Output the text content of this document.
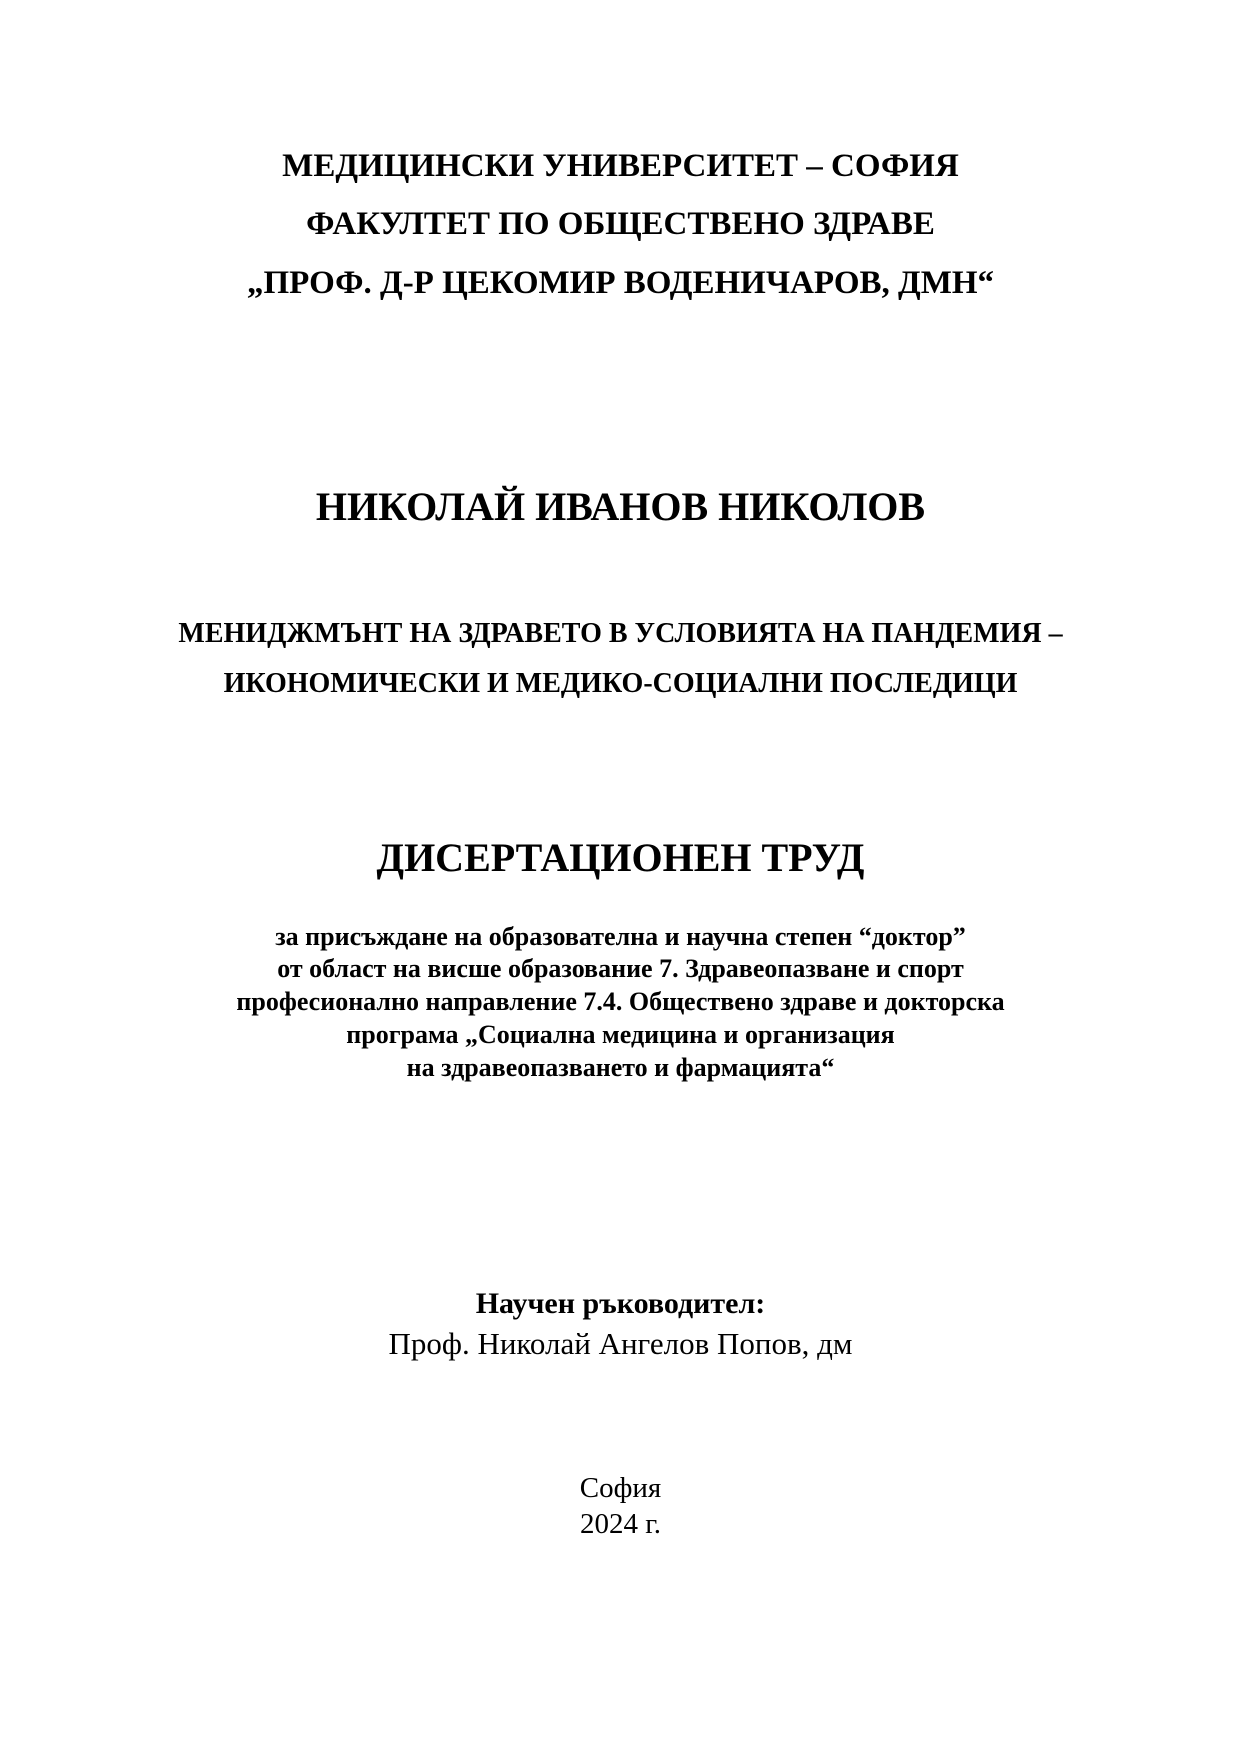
МЕДИЦИНСКИ УНИВЕРСИТЕТ – СОФИЯ
ФАКУЛТЕТ ПО ОБЩЕСТВЕНО ЗДРАВЕ
„ПРОФ. Д-Р ЦЕКОМИР ВОДЕНИЧАРОВ, ДМН“
НИКОЛАЙ ИВАНОВ НИКОЛОВ
МЕНИДЖМЪНТ НА ЗДРАВЕТО В УСЛОВИЯТА НА ПАНДЕМИЯ –
ИКОНОМИЧЕСКИ И МЕДИКО-СОЦИАЛНИ ПОСЛЕДИЦИ
ДИСЕРТАЦИОНЕН ТРУД
за присъждане на образователна и научна степен “доктор”
от област на висше образование 7. Здравеопазване и спорт
професионално направление 7.4. Обществено здраве и докторска
програма „Социална медицина и организация
на здравеопазването и фармацията“
Научен ръководител:
Проф. Николай Ангелов Попов, дм
София
2024 г.
